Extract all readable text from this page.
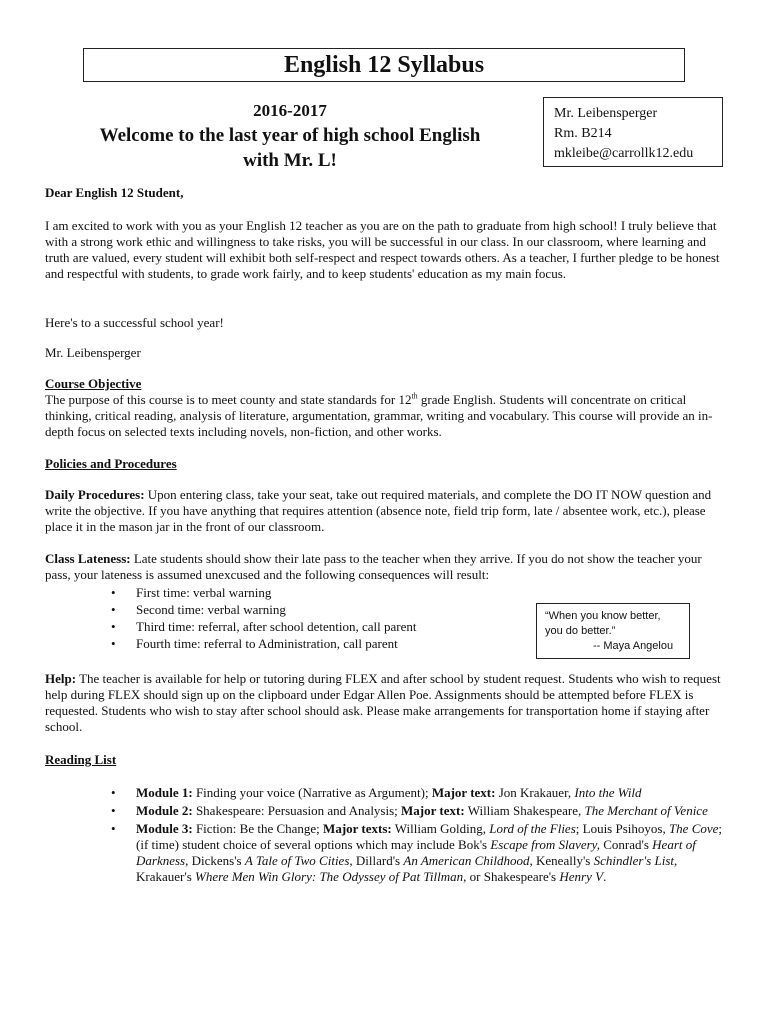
English 12 Syllabus
2016-2017
Welcome to the last year of high school English
with Mr. L!
Mr. Leibensperger
Rm. B214
mkleibe@carrollk12.edu

Dear English 12 Student,

I am excited to work with you as your English 12 teacher as you are on the path to graduate from high school! I truly believe that with a strong work ethic and willingness to take risks, you will be successful in our class. In our classroom, where learning and truth are valued, every student will exhibit both self-respect and respect towards others. As a teacher, I further pledge to be honest and respectful with students, to grade work fairly, and to keep students' education as my main focus.

Here's to a successful school year!

Mr. Leibensperger

Course Objective

The purpose of this course is to meet county and state standards for 12th grade English. Students will concentrate on critical thinking, critical reading, analysis of literature, argumentation, grammar, writing and vocabulary. This course will provide an in-depth focus on selected texts including novels, non-fiction, and other works.

Policies and Procedures

Daily Procedures: Upon entering class, take your seat, take out required materials, and complete the DO IT NOW question and write the objective. If you have anything that requires attention (absence note, field trip form, late / absentee work, etc.), please place it in the mason jar in the front of our classroom.

Class Lateness: Late students should show their late pass to the teacher when they arrive. If you do not show the teacher your pass, your lateness is assumed unexcused and the following consequences will result:

• First time: verbal warning
• Second time: verbal warning
• Third time: referral, after school detention, call parent
• Fourth time: referral to Administration, call parent
“When you know better,
you do better.”
-- Maya Angelou

Help: The teacher is available for help or tutoring during FLEX and after school by student request. Students who wish to request help during FLEX should sign up on the clipboard under Edgar Allen Poe. Assignments should be attempted before FLEX is requested. Students who wish to stay after school should ask. Please make arrangements for transportation home if staying after school.

Reading List

• Module 1: Finding your voice (Narrative as Argument); Major text: Jon Krakauer, Into the Wild
• Module 2: Shakespeare: Persuasion and Analysis; Major text: William Shakespeare, The Merchant of Venice
• Module 3: Fiction: Be the Change; Major texts: William Golding, Lord of the Flies; Louis Psihoyos, The Cove; (if time) student choice of several options which may include Bok's Escape from Slavery, Conrad's Heart of Darkness, Dickens's A Tale of Two Cities, Dillard's An American Childhood, Keneally's Schindler's List, Krakauer's Where Men Win Glory: The Odyssey of Pat Tillman, or Shakespeare's Henry V.
